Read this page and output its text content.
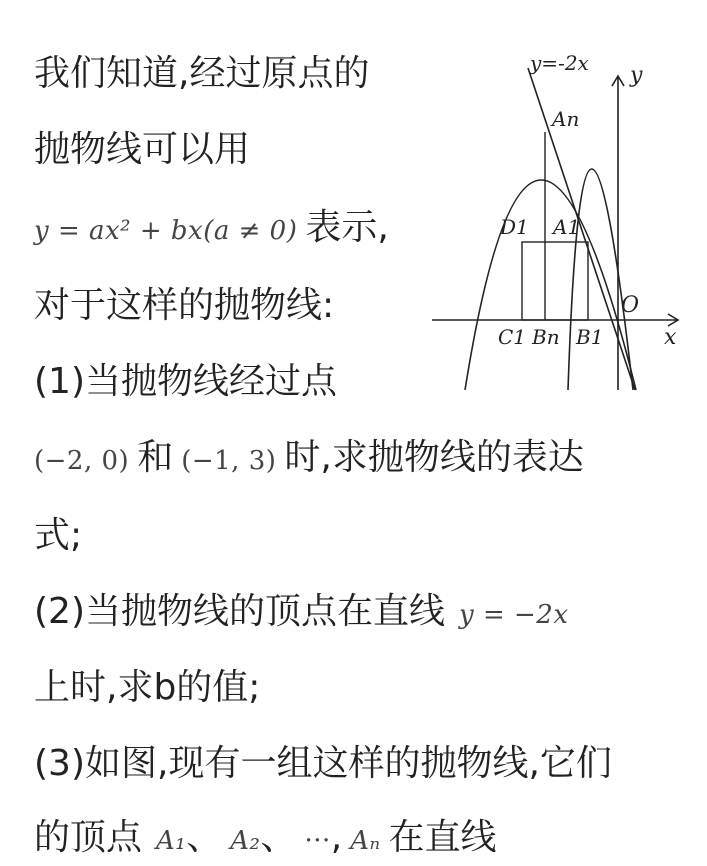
我们知道,经过原点的
抛物线可以用
y = ax² + bx(a ≠ 0) 表示,
对于这样的抛物线:
(1)当抛物线经过点
(−2, 0) 和 (−1, 3) 时,求抛物线的表达
式;
(2)当抛物线的顶点在直线 y = −2x
上时,求b的值;
(3)如图,现有一组这样的抛物线,它们
的顶点 A₁、 A₂、 ···, Aₙ 在直线
y=-2x y
x
O
An
D1 A1
C1 Bn B1
